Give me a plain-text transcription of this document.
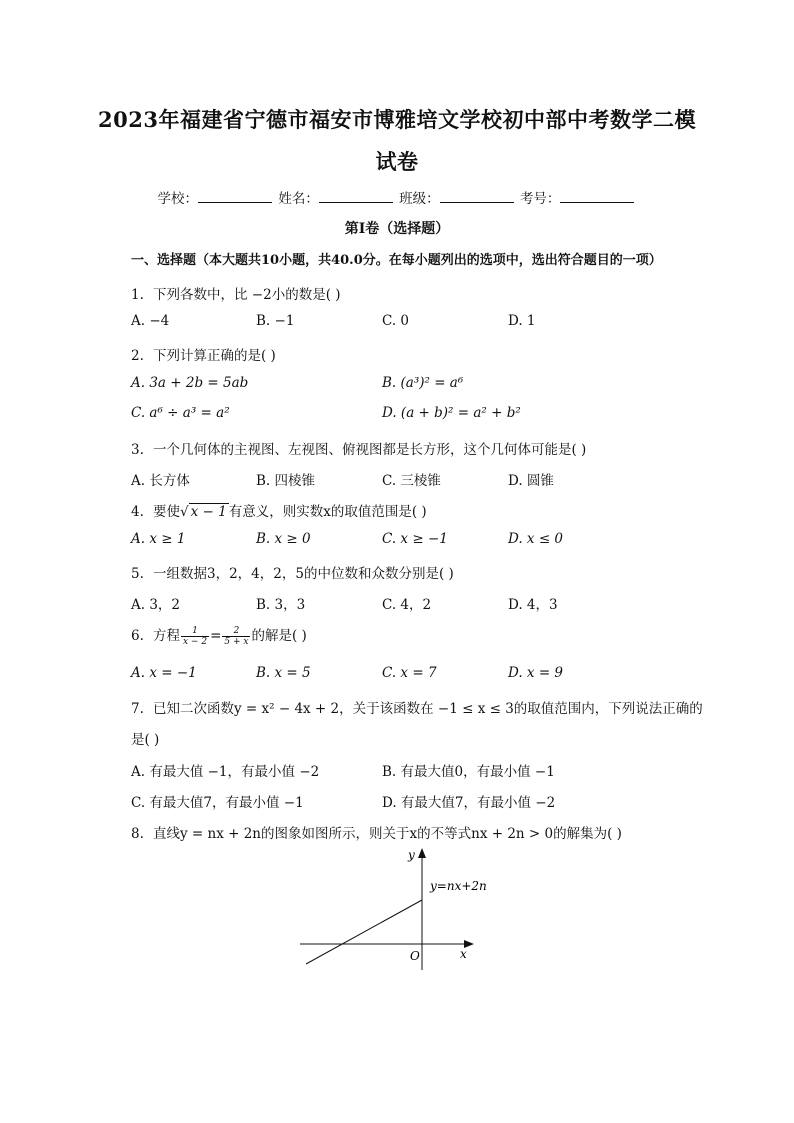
2023年福建省宁德市福安市博雅培文学校初中部中考数学二模
试卷
学校：	姓名：	班级：	考号：
第I卷（选择题）
一、选择题（本大题共10小题，共40.0分。在每小题列出的选项中，选出符合题目的一项）
1. 下列各数中，比 −2小的数是( )
A. −4	B. −1	C. 0	D. 1
2. 下列计算正确的是( )
A. 3a + 2b = 5ab	B. (a³)² = a⁶
C. a⁶ ÷ a³ = a²	D. (a + b)² = a² + b²
3. 一个几何体的主视图、左视图、俯视图都是长方形，这个几何体可能是( )
A. 长方体	B. 四棱锥	C. 三棱锥	D. 圆锥
4. 要使√ x − 1 有意义，则实数x的取值范围是( )
A. x ≥ 1	B. x ≥ 0	C. x ≥ −1	D. x ≤ 0
5. 一组数据3，2，4，2，5的中位数和众数分别是( )
A. 3，2	B. 3，3	C. 4，2	D. 4，3
6. 方程 $\frac{1}{x - 2} = \frac{2}{5 + x}$ 的解是( )
A. x = −1	B. x = 5	C. x = 7	D. x = 9
7. 已知二次函数y = x² − 4x + 2，关于该函数在 −1 ≤ x ≤ 3的取值范围内，下列说法正确的
是( )
A. 有最大值 −1，有最小值 −2	B. 有最大值0，有最小值 −1
C. 有最大值7，有最小值 −1	D. 有最大值7，有最小值 −2
8. 直线y = nx + 2n的图象如图所示，则关于x的不等式nx + 2n > 0的解集为( )
y=nx+2n
x
y
O
